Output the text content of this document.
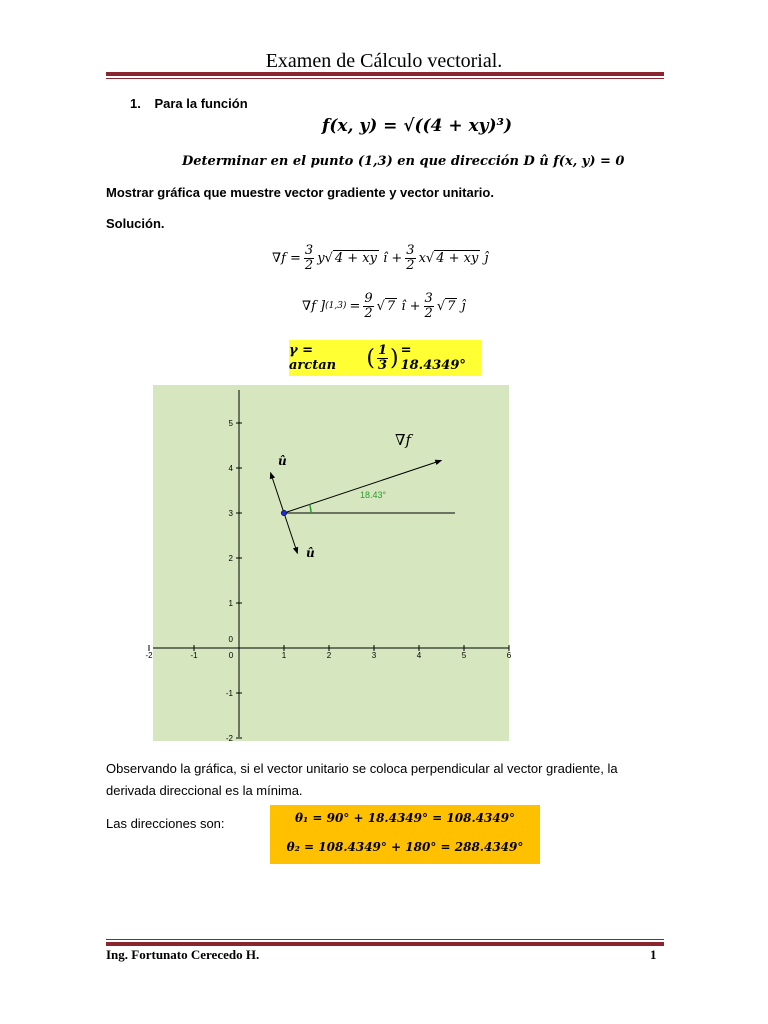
Examen de Cálculo vectorial.
1. Para la función
f(x, y) = √((4 + xy)³)
Determinar en el punto (1,3) en que dirección D û f(x, y) = 0
Mostrar gráfica que muestre vector gradiente y vector unitario.
Solución.
$\nabla f = \frac{3}{2} y√$ 4 + xy î + $\frac{3}{2} x√$ 4 + xy ĵ
∇f ] $(1,3) = \frac{9}{2}$ √ 7 î + $\frac{3}{2}$ √ 7 ĵ
γ = arctan	( $\frac{1}{3}$ ) = 18.4349°
-2	-1	0	1	2	3	4	5	6
-2
-1
1
2
3
4
5
0
∇f
û
û
18.43°
Observando la gráfica, si el vector unitario se coloca perpendicular al vector gradiente, la derivada direccional es la mínima.
Las direcciones son:	θ₁ = 90° + 18.4349° = 108.4349°
θ₂ = 108.4349° + 180° = 288.4349°
Ing. Fortunato Cerecedo H.	1
